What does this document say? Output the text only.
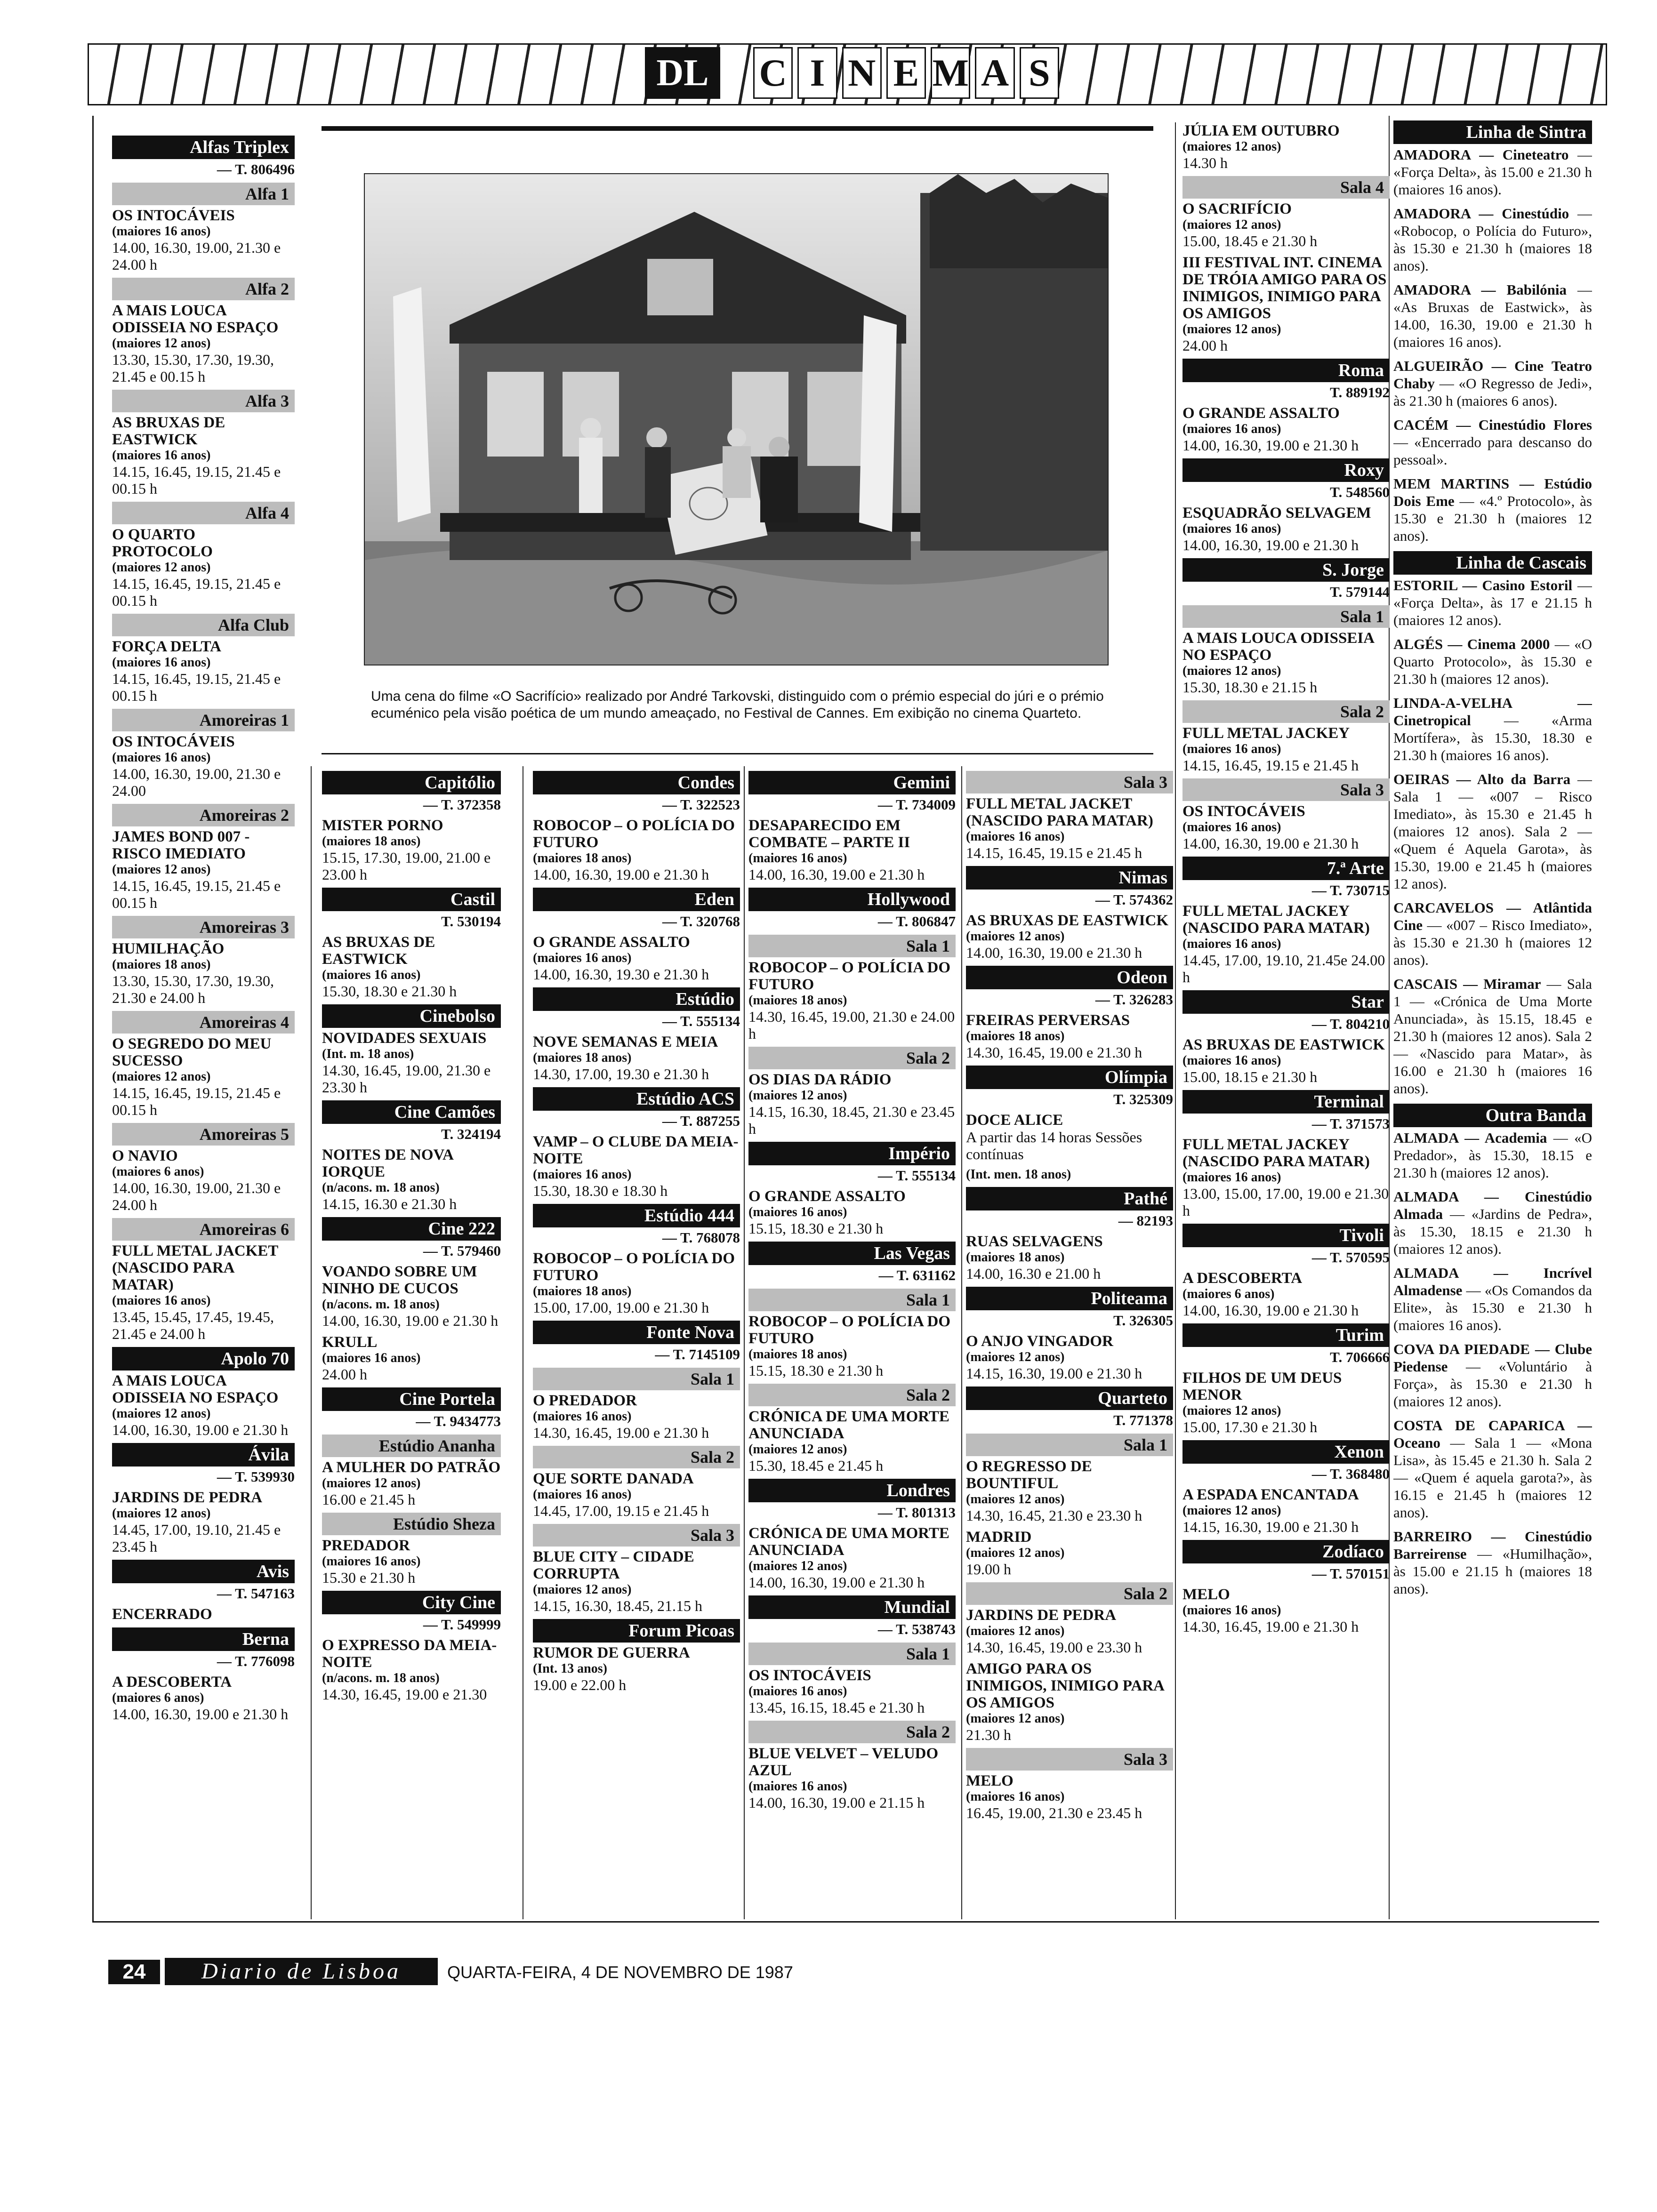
DL C I N E M A S
Uma cena do filme «O Sacrifício» realizado por André Tarkovski, distinguido com o prémio especial do júri e o prémio ecuménico pela visão poética de um mundo ameaçado, no Festival de Cannes. Em exibição no cinema Quarteto.
Alfas Triplex
— T. 806496
Alfa 1
OS INTOCÁVEIS
(maiores 16 anos)
14.00, 16.30, 19.00, 21.30 e 24.00 h
Alfa 2
A MAIS LOUCA ODISSEIA NO ESPAÇO
(maiores 12 anos)
13.30, 15.30, 17.30, 19.30, 21.45 e 00.15 h
Alfa 3
AS BRUXAS DE EASTWICK
(maiores 16 anos)
14.15, 16.45, 19.15, 21.45 e 00.15 h
Alfa 4
O QUARTO PROTOCOLO
(maiores 12 anos)
14.15, 16.45, 19.15, 21.45 e 00.15 h
Alfa Club
FORÇA DELTA
(maiores 16 anos)
14.15, 16.45, 19.15, 21.45 e 00.15 h
Amoreiras 1
OS INTOCÁVEIS
(maiores 16 anos)
14.00, 16.30, 19.00, 21.30 e 24.00
Amoreiras 2
JAMES BOND 007 - RISCO IMEDIATO
(maiores 12 anos)
14.15, 16.45, 19.15, 21.45 e 00.15 h
Amoreiras 3
HUMILHAÇÃO
(maiores 18 anos)
13.30, 15.30, 17.30, 19.30, 21.30 e 24.00 h
Amoreiras 4
O SEGREDO DO MEU SUCESSO
(maiores 12 anos)
14.15, 16.45, 19.15, 21.45 e 00.15 h
Amoreiras 5
O NAVIO
(maiores 6 anos)
14.00, 16.30, 19.00, 21.30 e 24.00 h
Amoreiras 6
FULL METAL JACKET (NASCIDO PARA MATAR)
(maiores 16 anos)
13.45, 15.45, 17.45, 19.45, 21.45 e 24.00 h
Apolo 70
A MAIS LOUCA ODISSEIA NO ESPAÇO
(maiores 12 anos)
14.00, 16.30, 19.00 e 21.30 h
Ávila
— T. 539930
JARDINS DE PEDRA
(maiores 12 anos)
14.45, 17.00, 19.10, 21.45 e 23.45 h
Avis
— T. 547163
ENCERRADO
Berna
— T. 776098
A DESCOBERTA
(maiores 6 anos)
14.00, 16.30, 19.00 e 21.30 h
Capitólio
— T. 372358
MISTER PORNO
(maiores 18 anos)
15.15, 17.30, 19.00, 21.00 e 23.00 h
Castil
T. 530194
AS BRUXAS DE EASTWICK
(maiores 16 anos)
15.30, 18.30 e 21.30 h
Cinebolso
NOVIDADES SEXUAIS
(Int. m. 18 anos)
14.30, 16.45, 19.00, 21.30 e 23.30 h
Cine Camões
T. 324194
NOITES DE NOVA IORQUE
(n/acons. m. 18 anos)
14.15, 16.30 e 21.30 h
Cine 222
— T. 579460
VOANDO SOBRE UM NINHO DE CUCOS
(n/acons. m. 18 anos)
14.00, 16.30, 19.00 e 21.30 h
KRULL
(maiores 16 anos)
24.00 h
Cine Portela
— T. 9434773
Estúdio Ananha
A MULHER DO PATRÃO
(maiores 12 anos)
16.00 e 21.45 h
Estúdio Sheza
PREDADOR
(maiores 16 anos)
15.30 e 21.30 h
City Cine
— T. 549999
O EXPRESSO DA MEIA-NOITE
(n/acons. m. 18 anos)
14.30, 16.45, 19.00 e 21.30
Condes
— T. 322523
ROBOCOP – O POLÍCIA DO FUTURO
(maiores 18 anos)
14.00, 16.30, 19.00 e 21.30 h
Eden
— T. 320768
O GRANDE ASSALTO
(maiores 16 anos)
14.00, 16.30, 19.30 e 21.30 h
Estúdio
— T. 555134
NOVE SEMANAS E MEIA
(maiores 18 anos)
14.30, 17.00, 19.30 e 21.30 h
Estúdio ACS
— T. 887255
VAMP – O CLUBE DA MEIA-NOITE
(maiores 16 anos)
15.30, 18.30 e 18.30 h
Estúdio 444
— T. 768078
ROBOCOP – O POLÍCIA DO FUTURO
(maiores 18 anos)
15.00, 17.00, 19.00 e 21.30 h
Fonte Nova
— T. 7145109
Sala 1
O PREDADOR
(maiores 16 anos)
14.30, 16.45, 19.00 e 21.30 h
Sala 2
QUE SORTE DANADA
(maiores 16 anos)
14.45, 17.00, 19.15 e 21.45 h
Sala 3
BLUE CITY – CIDADE CORRUPTA
(maiores 12 anos)
14.15, 16.30, 18.45, 21.15 h
Forum Picoas
RUMOR DE GUERRA
(Int. 13 anos)
19.00 e 22.00 h
Gemini
— T. 734009
DESAPARECIDO EM COMBATE – PARTE II
(maiores 16 anos)
14.00, 16.30, 19.00 e 21.30 h
Hollywood
— T. 806847
Sala 1
ROBOCOP – O POLÍCIA DO FUTURO
(maiores 18 anos)
14.30, 16.45, 19.00, 21.30 e 24.00 h
Sala 2
OS DIAS DA RÁDIO
(maiores 12 anos)
14.15, 16.30, 18.45, 21.30 e 23.45 h
Império
— T. 555134
O GRANDE ASSALTO
(maiores 16 anos)
15.15, 18.30 e 21.30 h
Las Vegas
— T. 631162
Sala 1
ROBOCOP – O POLÍCIA DO FUTURO
(maiores 18 anos)
15.15, 18.30 e 21.30 h
Sala 2
CRÓNICA DE UMA MORTE ANUNCIADA
(maiores 12 anos)
15.30, 18.45 e 21.45 h
Londres
— T. 801313
CRÓNICA DE UMA MORTE ANUNCIADA
(maiores 12 anos)
14.00, 16.30, 19.00 e 21.30 h
Mundial
— T. 538743
Sala 1
OS INTOCÁVEIS
(maiores 16 anos)
13.45, 16.15, 18.45 e 21.30 h
Sala 2
BLUE VELVET – VELUDO AZUL
(maiores 16 anos)
14.00, 16.30, 19.00 e 21.15 h
Sala 3
FULL METAL JACKET (NASCIDO PARA MATAR)
(maiores 16 anos)
14.15, 16.45, 19.15 e 21.45 h
Nimas
— T. 574362
AS BRUXAS DE EASTWICK
(maiores 12 anos)
14.00, 16.30, 19.00 e 21.30 h
Odeon
— T. 326283
FREIRAS PERVERSAS
(maiores 18 anos)
14.30, 16.45, 19.00 e 21.30 h
Olímpia
T. 325309
DOCE ALICE
A partir das 14 horas Sessões contínuas
(Int. men. 18 anos)
Pathé
— 82193
RUAS SELVAGENS
(maiores 18 anos)
14.00, 16.30 e 21.00 h
Politeama
T. 326305
O ANJO VINGADOR
(maiores 12 anos)
14.15, 16.30, 19.00 e 21.30 h
Quarteto
T. 771378
Sala 1
O REGRESSO DE BOUNTIFUL
(maiores 12 anos)
14.30, 16.45, 21.30 e 23.30 h
MADRID
(maiores 12 anos)
19.00 h
Sala 2
JARDINS DE PEDRA
(maiores 12 anos)
14.30, 16.45, 19.00 e 23.30 h
AMIGO PARA OS INIMIGOS, INIMIGO PARA OS AMIGOS
(maiores 12 anos)
21.30 h
Sala 3
MELO
(maiores 16 anos)
16.45, 19.00, 21.30 e 23.45 h
JÚLIA EM OUTUBRO
(maiores 12 anos)
14.30 h
Sala 4
O SACRIFÍCIO
(maiores 12 anos)
15.00, 18.45 e 21.30 h
III FESTIVAL INT. CINEMA DE TRÓIA AMIGO PARA OS INIMIGOS, INIMIGO PARA OS AMIGOS
(maiores 12 anos)
24.00 h
Roma
T. 889192
O GRANDE ASSALTO
(maiores 16 anos)
14.00, 16.30, 19.00 e 21.30 h
Roxy
T. 548560
ESQUADRÃO SELVAGEM
(maiores 16 anos)
14.00, 16.30, 19.00 e 21.30 h
S. Jorge
T. 579144
Sala 1
A MAIS LOUCA ODISSEIA NO ESPAÇO
(maiores 12 anos)
15.30, 18.30 e 21.15 h
Sala 2
FULL METAL JACKEY
(maiores 16 anos)
14.15, 16.45, 19.15 e 21.45 h
Sala 3
OS INTOCÁVEIS
(maiores 16 anos)
14.00, 16.30, 19.00 e 21.30 h
7.ª Arte
— T. 730715
FULL METAL JACKEY (NASCIDO PARA MATAR)
(maiores 16 anos)
14.45, 17.00, 19.10, 21.45e 24.00 h
Star
— T. 804210
AS BRUXAS DE EASTWICK
(maiores 16 anos)
15.00, 18.15 e 21.30 h
Terminal
— T. 371573
FULL METAL JACKEY (NASCIDO PARA MATAR)
(maiores 16 anos)
13.00, 15.00, 17.00, 19.00 e 21.30 h
Tivoli
— T. 570595
A DESCOBERTA
(maiores 6 anos)
14.00, 16.30, 19.00 e 21.30 h
Turim
T. 706666
FILHOS DE UM DEUS MENOR
(maiores 12 anos)
15.00, 17.30 e 21.30 h
Xenon
— T. 368480
A ESPADA ENCANTADA
(maiores 12 anos)
14.15, 16.30, 19.00 e 21.30 h
Zodíaco
— T. 570151
MELO
(maiores 16 anos)
14.30, 16.45, 19.00 e 21.30 h
Linha de Sintra
AMADORA — Cineteatro — «Força Delta», às 15.00 e 21.30 h (maiores 16 anos).
AMADORA — Cinestúdio — «Robocop, o Polícia do Futuro», às 15.30 e 21.30 h (maiores 18 anos).
AMADORA — Babilónia — «As Bruxas de Eastwick», às 14.00, 16.30, 19.00 e 21.30 h (maiores 16 anos).
ALGUEIRÃO — Cine Teatro Chaby — «O Regresso de Jedi», às 21.30 h (maiores 6 anos).
CACÉM — Cinestúdio Flores — «Encerrado para descanso do pessoal».
MEM MARTINS — Estúdio Dois Eme — «4.º Protocolo», às 15.30 e 21.30 h (maiores 12 anos).
Linha de Cascais
ESTORIL — Casino Estoril — «Força Delta», às 17 e 21.15 h (maiores 12 anos).
ALGÉS — Cinema 2000 — «O Quarto Protocolo», às 15.30 e 21.30 h (maiores 12 anos).
LINDA-A-VELHA — Cinetropical — «Arma Mortífera», às 15.30, 18.30 e 21.30 h (maiores 16 anos).
OEIRAS — Alto da Barra — Sala 1 — «007 – Risco Imediato», às 15.30 e 21.45 h (maiores 12 anos). Sala 2 — «Quem é Aquela Garota», às 15.30, 19.00 e 21.45 h (maiores 12 anos).
CARCAVELOS — Atlântida Cine — «007 – Risco Imediato», às 15.30 e 21.30 h (maiores 12 anos).
CASCAIS — Miramar — Sala 1 — «Crónica de Uma Morte Anunciada», às 15.15, 18.45 e 21.30 h (maiores 12 anos). Sala 2 — «Nascido para Matar», às 16.00 e 21.30 h (maiores 16 anos).
Outra Banda
ALMADA — Academia — «O Predador», às 15.30, 18.15 e 21.30 h (maiores 12 anos).
ALMADA — Cinestúdio Almada — «Jardins de Pedra», às 15.30, 18.15 e 21.30 h (maiores 12 anos).
ALMADA — Incrível Almadense — «Os Comandos da Elite», às 15.30 e 21.30 h (maiores 16 anos).
COVA DA PIEDADE — Clube Piedense — «Voluntário à Força», às 15.30 e 21.30 h (maiores 12 anos).
COSTA DE CAPARICA — Oceano — Sala 1 — «Mona Lisa», às 15.45 e 21.30 h. Sala 2 — «Quem é aquela garota?», às 16.15 e 21.45 h (maiores 12 anos).
BARREIRO — Cinestúdio Barreirense — «Humilhação», às 15.00 e 21.15 h (maiores 18 anos).
24	Diario de Lisboa	QUARTA-FEIRA, 4 DE NOVEMBRO DE 1987
